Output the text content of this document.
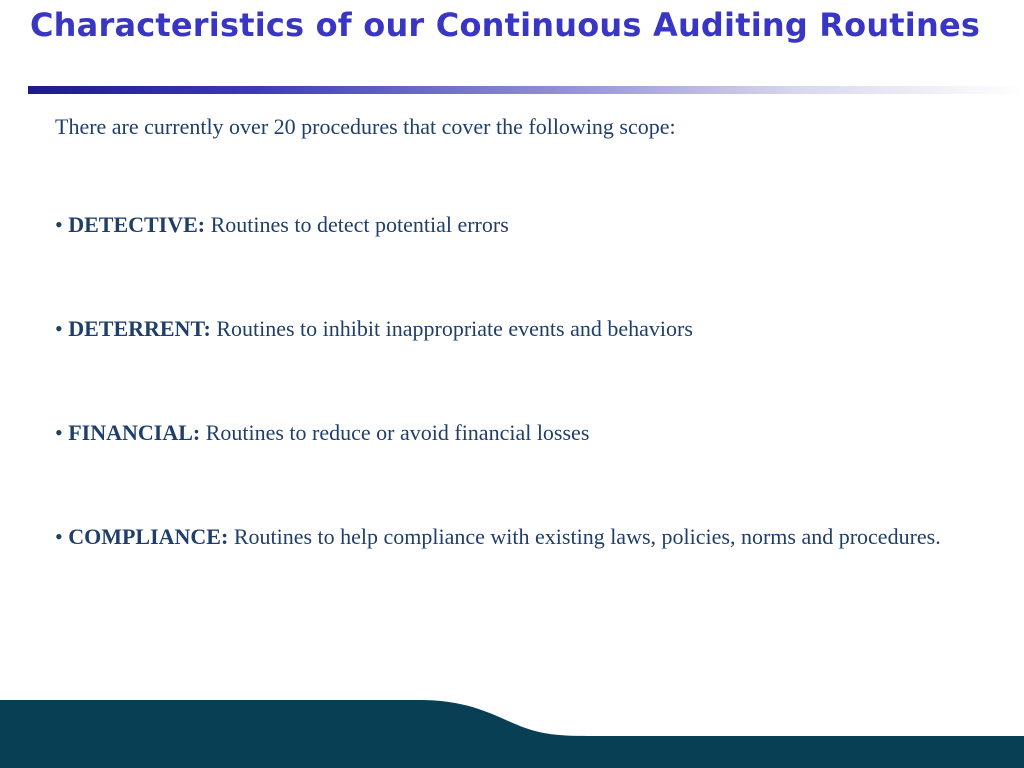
Characteristics of our Continuous Auditing Routines

There are currently over 20 procedures that cover the following scope:

• DETECTIVE: Routines to detect potential errors

• DETERRENT: Routines to inhibit inappropriate events and behaviors

• FINANCIAL: Routines to reduce or avoid financial losses

• COMPLIANCE: Routines to help compliance with existing laws, policies, norms and procedures.
